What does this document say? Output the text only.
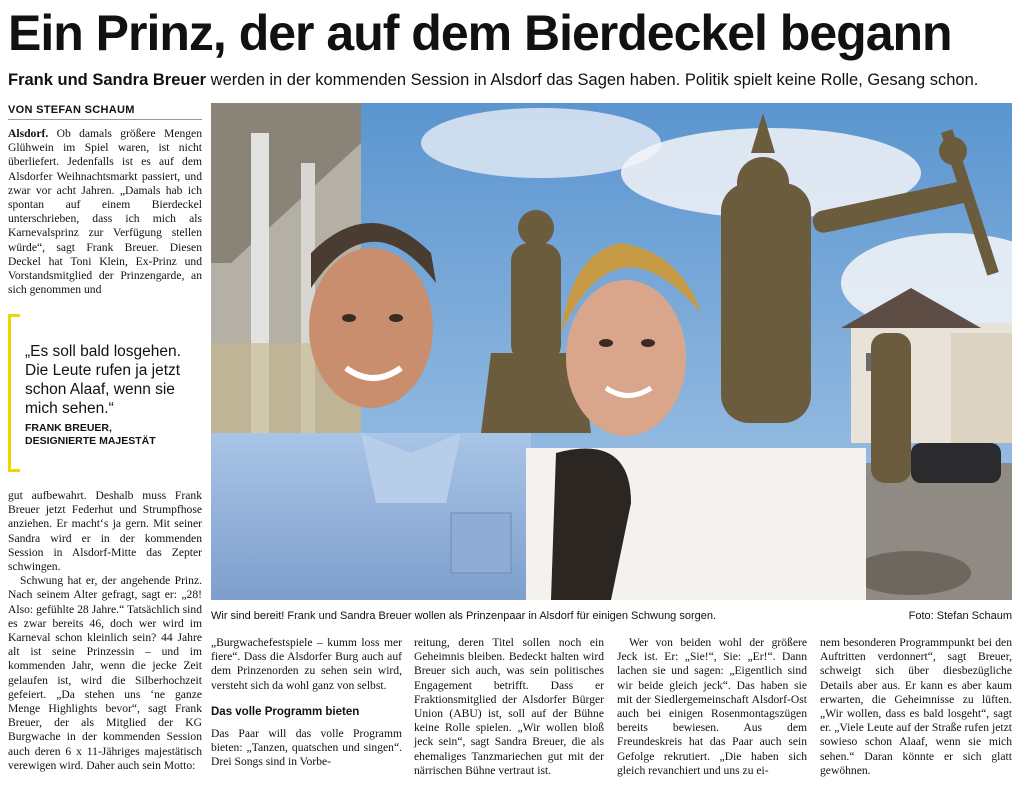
Ein Prinz, der auf dem Bierdeckel begann
Frank und Sandra Breuer werden in der kommenden Session in Alsdorf das Sagen haben. Politik spielt keine Rolle, Gesang schon.
VON STEFAN SCHAUM

Alsdorf. Ob damals größere Mengen Glühwein im Spiel waren, ist nicht überliefert. Jedenfalls ist es auf dem Alsdorfer Weihnachtsmarkt passiert, und zwar vor acht Jahren. „Damals hab ich spontan auf einem Bierdeckel unterschrieben, dass ich mich als Karnevalsprinz zur Verfügung stellen würde“, sagt Frank Breuer. Diesen Deckel hat Toni Klein, Ex-Prinz und Vorstandsmitglied der Prinzengarde, an sich genommen und

„Es soll bald losgehen. Die Leute rufen ja jetzt schon Alaaf, wenn sie mich sehen.“
FRANK BREUER,
DESIGNIERTE MAJESTÄT

gut aufbewahrt. Deshalb muss Frank Breuer jetzt Federhut und Strumpfhose anziehen. Er macht‘s ja gern. Mit seiner Sandra wird er in der kommenden Session in Alsdorf-Mitte das Zepter schwingen.

Schwung hat er, der angehende Prinz. Nach seinem Alter gefragt, sagt er: „28! Also: gefühlte 28 Jahre.“ Tatsächlich sind es zwar bereits 46, doch wer wird im Karneval schon kleinlich sein? 44 Jahre alt ist seine Prinzessin – und im kommenden Jahr, wenn die jecke Zeit gelaufen ist, wird die Silberhochzeit gefeiert. „Da stehen uns ‘ne ganze Menge Highlights bevor“, sagt Frank Breuer, der als Mitglied der KG Burgwache in der kommenden Session auch deren 6 x 11-Jähriges majestätisch verewigen wird. Daher auch sein Motto:

Wir sind bereit! Frank und Sandra Breuer wollen als Prinzenpaar in Alsdorf für einigen Schwung sorgen.	Foto: Stefan Schaum

„Burgwachefestspiele – kumm loss mer fiere“. Dass die Alsdorfer Burg auch auf dem Prinzenorden zu sehen sein wird, versteht sich da wohl ganz von selbst.

Das volle Programm bieten

Das Paar will das volle Programm bieten: „Tanzen, quatschen und singen“. Drei Songs sind in Vorbe-

reitung, deren Titel sollen noch ein Geheimnis bleiben. Bedeckt halten wird Breuer sich auch, was sein politisches Engagement betrifft. Dass er Fraktionsmitglied der Alsdorfer Bürger Union (ABU) ist, soll auf der Bühne keine Rolle spielen. „Wir wollen bloß jeck sein“, sagt Sandra Breuer, die als ehemaliges Tanzmariechen gut mit der närrischen Bühne vertraut ist.

Wer von beiden wohl der größere Jeck ist. Er: „Sie!“, Sie: „Er!“. Dann lachen sie und sagen: „Eigentlich sind wir beide gleich jeck“. Das haben sie mit der Siedlergemeinschaft Alsdorf-Ost auch bei einigen Rosenmontagszügen bereits bewiesen. Aus dem Freundeskreis hat das Paar auch sein Gefolge rekrutiert. „Die haben sich gleich revanchiert und uns zu ei-

nem besonderen Programmpunkt bei den Auftritten verdonnert“, sagt Breuer, schweigt sich über diesbezügliche Details aber aus. Er kann es aber kaum erwarten, die Geheimnisse zu lüften. „Wir wollen, dass es bald losgeht“, sagt er. „Viele Leute auf der Straße rufen jetzt sowieso schon Alaaf, wenn sie mich sehen.“ Daran könnte er sich glatt gewöhnen.
